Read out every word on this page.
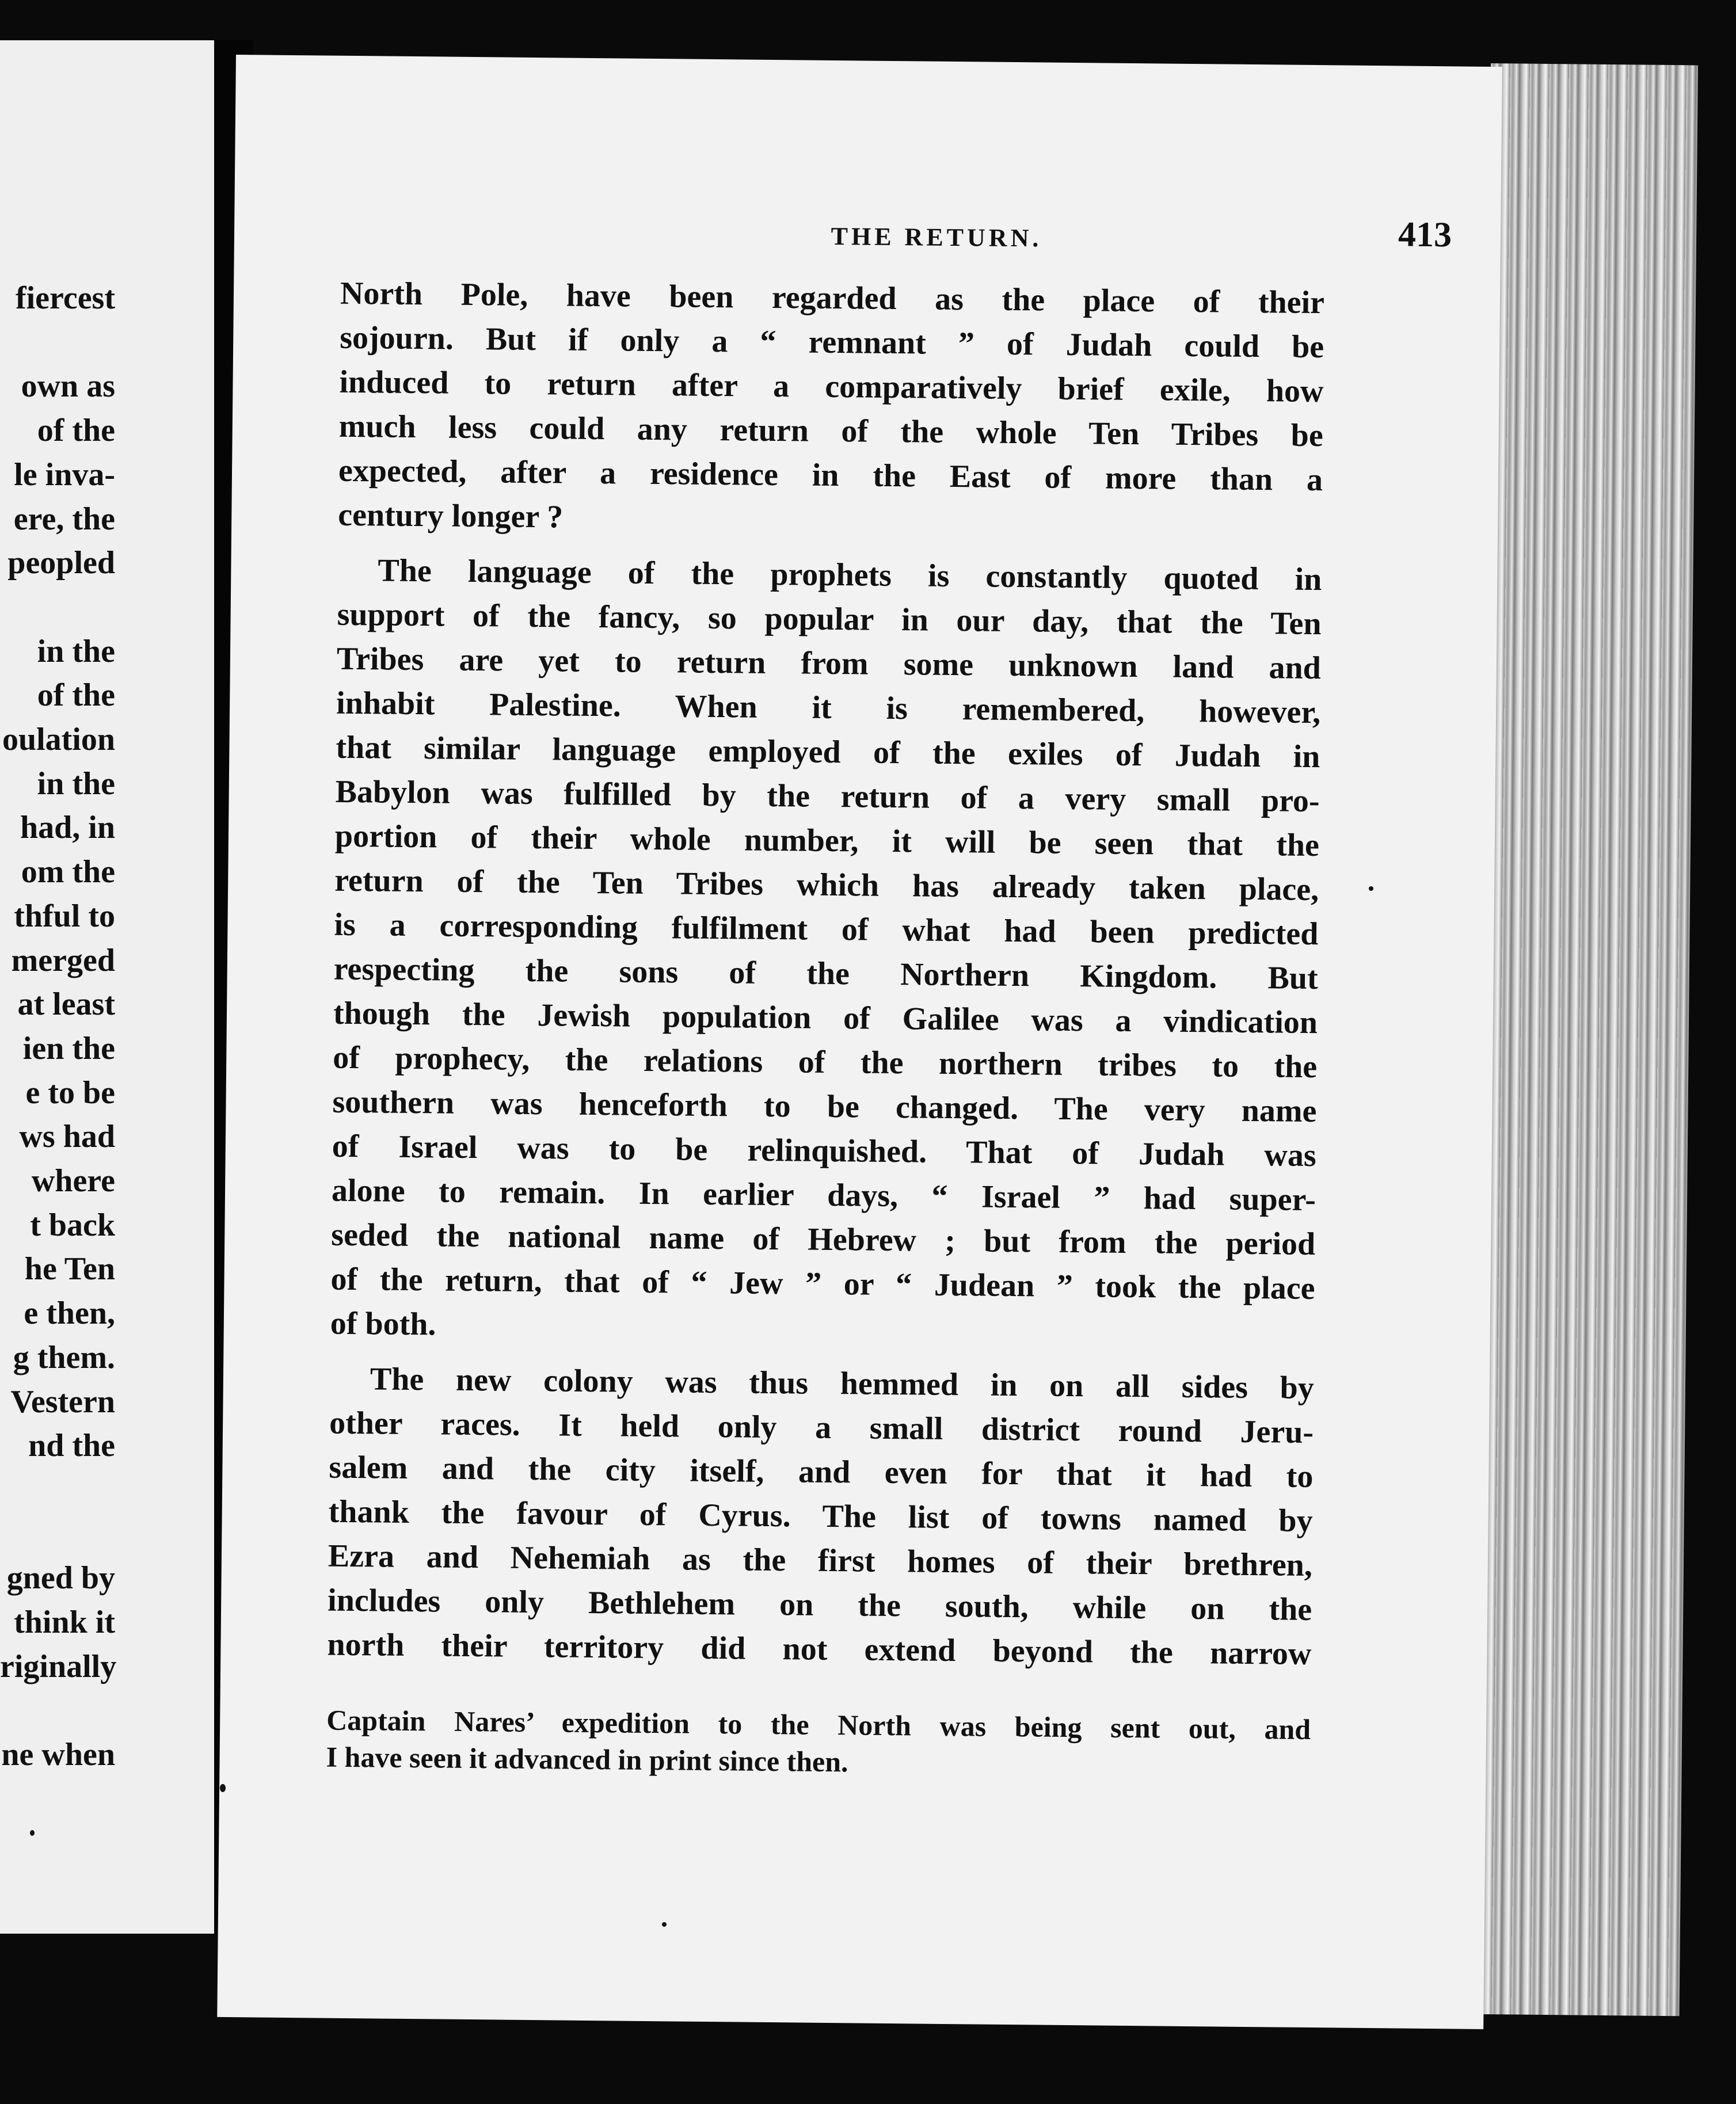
fiercest
own as
of the
le inva-
ere, the
peopled
in the
of the
oulation
in the
had, in
om the
thful to
merged
at least
ien the
e to be
ws had
where
t back
he Ten
e then,
g them.
Vestern
nd the
gned by
think it
riginally
ne when
THE RETURN.	413
North Pole, have been regarded as the place of their
sojourn. But if only a “ remnant ” of Judah could be
induced to return after a comparatively brief exile, how
much less could any return of the whole Ten Tribes be
expected, after a residence in the East of more than a
century longer ?
The language of the prophets is constantly quoted in
support of the fancy, so popular in our day, that the Ten
Tribes are yet to return from some unknown land and
inhabit Palestine. When it is remembered, however,
that similar language employed of the exiles of Judah in
Babylon was fulfilled by the return of a very small pro-
portion of their whole number, it will be seen that the
return of the Ten Tribes which has already taken place,
is a corresponding fulfilment of what had been predicted
respecting the sons of the Northern Kingdom. But
though the Jewish population of Galilee was a vindication
of prophecy, the relations of the northern tribes to the
southern was henceforth to be changed. The very name
of Israel was to be relinquished. That of Judah was
alone to remain. In earlier days, “ Israel ” had super-
seded the national name of Hebrew ; but from the period
of the return, that of “ Jew ” or “ Judean ” took the place
of both.
The new colony was thus hemmed in on all sides by
other races. It held only a small district round Jeru-
salem and the city itself, and even for that it had to
thank the favour of Cyrus. The list of towns named by
Ezra and Nehemiah as the first homes of their brethren,
includes only Bethlehem on the south, while on the
north their territory did not extend beyond the narrow
Captain Nares’ expedition to the North was being sent out, and
I have seen it advanced in print since then.
